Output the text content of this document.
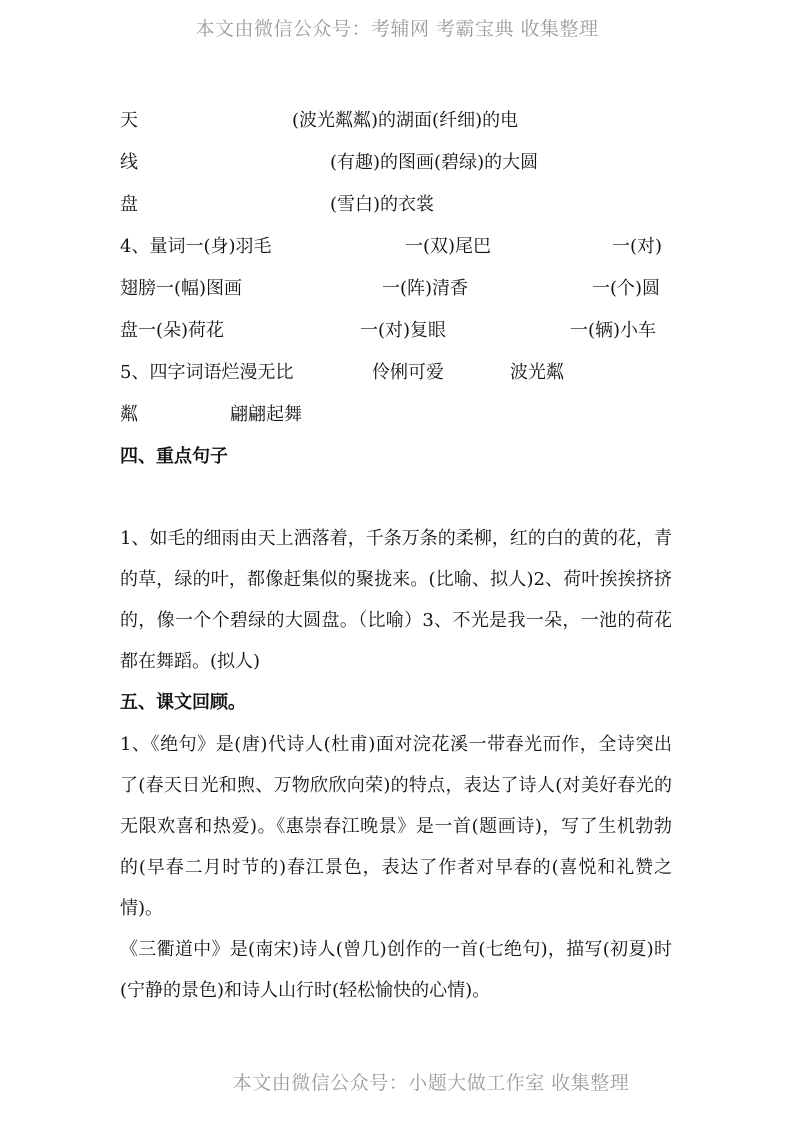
本文由微信公众号：考辅网 考霸宝典 收集整理
天	(波光粼粼)的湖面(纤细)的电
线	(有趣)的图画(碧绿)的大圆
盘	(雪白)的衣裳
4、量词一(身)羽毛	一(双)尾巴	一(对)
翅膀一(幅)图画	一(阵)清香	一(个)圆
盘一(朵)荷花	一(对)复眼	一(辆)小车
5、四字词语烂漫无比	伶俐可爱	波光粼
粼	翩翩起舞
四、重点句子
1、如毛的细雨由天上洒落着，千条万条的柔柳，红的白的黄的花，青的草，绿的叶，都像赶集似的聚拢来。(比喻、拟人)2、荷叶挨挨挤挤的，像一个个碧绿的大圆盘。（比喻）3、不光是我一朵，一池的荷花都在舞蹈。(拟人)
五、课文回顾。
1、《绝句》是(唐)代诗人(杜甫)面对浣花溪一带春光而作，全诗突出了(春天日光和煦、万物欣欣向荣)的特点，表达了诗人(对美好春光的无限欢喜和热爱)。《惠崇春江晚景》是一首(题画诗)，写了生机勃勃的(早春二月时节的)春江景色，表达了作者对早春的(喜悦和礼赞之情)。
《三衢道中》是(南宋)诗人(曾几)创作的一首(七绝句)，描写(初夏)时(宁静的景色)和诗人山行时(轻松愉快的心情)。
本文由微信公众号：小题大做工作室 收集整理
